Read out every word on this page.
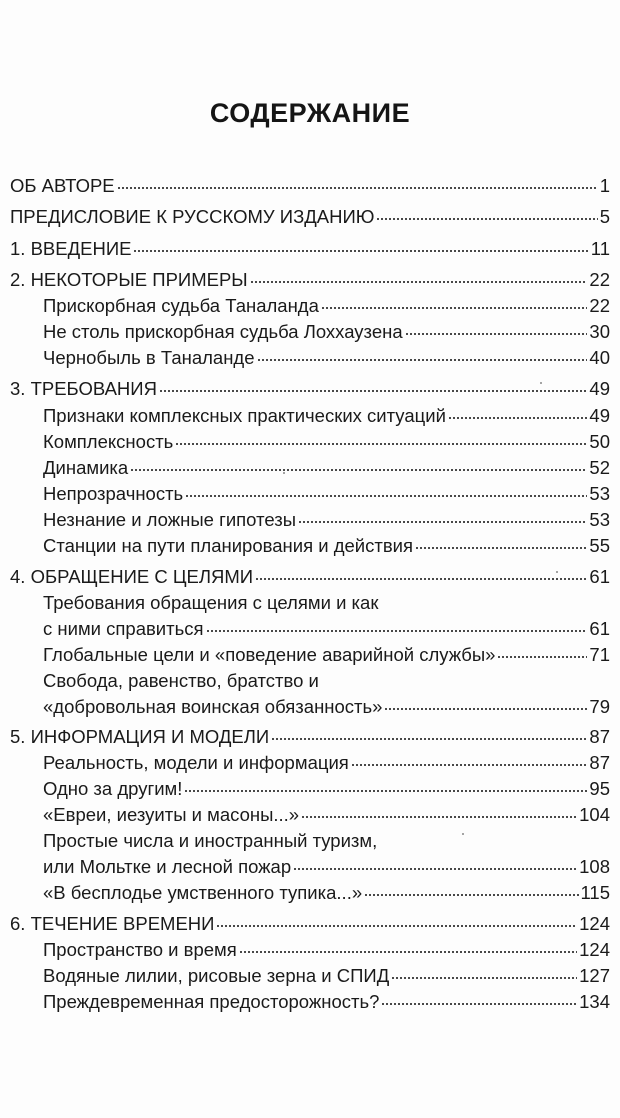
СОДЕРЖАНИЕ
ОБ АВТОРЕ	1
ПРЕДИСЛОВИЕ К РУССКОМУ ИЗДАНИЮ	5
1. ВВЕДЕНИЕ	11
2. НЕКОТОРЫЕ ПРИМЕРЫ	22
Прискорбная судьба Таналанда	22
Не столь прискорбная судьба Лоххаузена	30
Чернобыль в Таналанде	40
3. ТРЕБОВАНИЯ	49
Признаки комплексных практических ситуаций	49
Комплексность	50
Динамика	52
Непрозрачность	53
Незнание и ложные гипотезы	53
Станции на пути планирования и действия	55
4. ОБРАЩЕНИЕ С ЦЕЛЯМИ	61
Требования обращения с целями и как
с ними справиться	61
Глобальные цели и «поведение аварийной службы»	71
Свобода, равенство, братство и
«добровольная воинская обязанность»	79
5. ИНФОРМАЦИЯ И МОДЕЛИ	87
Реальность, модели и информация	87
Одно за другим!	95
«Евреи, иезуиты и масоны...»	104
Простые числа и иностранный туризм,
или Мольтке и лесной пожар	108
«В бесплодье умственного тупика...»	115
6. ТЕЧЕНИЕ ВРЕМЕНИ	124
Пространство и время	124
Водяные лилии, рисовые зерна и СПИД	127
Преждевременная предосторожность?	134
